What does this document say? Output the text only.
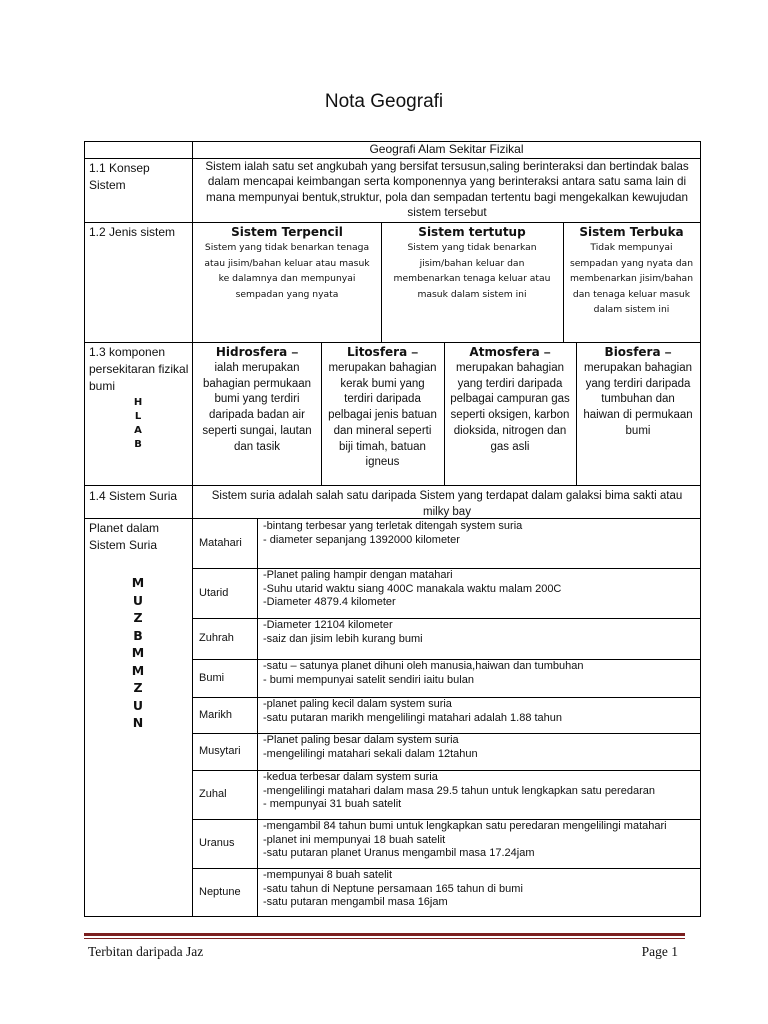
Nota Geografi
Geografi Alam Sekitar Fizikal
1.1 Konsep Sistem
Sistem ialah satu set angkubah yang bersifat tersusun,saling berinteraksi dan bertindak balas dalam mencapai keimbangan serta komponennya yang berinteraksi antara satu sama lain di mana mempunyai bentuk,struktur, pola dan sempadan tertentu bagi mengekalkan kewujudan sistem tersebut
1.2 Jenis sistem
1.3 komponen persekitaran fizikal bumi
1.4 Sistem Suria	Sistem suria adalah salah satu daripada Sistem yang terdapat dalam galaksi bima sakti atau milky bay
Planet dalam Sistem Suria
Terbitan daripada Jaz	Page 1
Sistem Terpencil
Sistem yang tidak benarkan tenaga atau jisim/bahan keluar atau masuk ke dalamnya dan mempunyai sempadan yang nyata
Sistem tertutup
Sistem yang tidak benarkan jisim/bahan keluar dan membenarkan tenaga keluar atau masuk dalam sistem ini
Sistem Terbuka
Tidak mempunyai sempadan yang nyata dan membenarkan jisim/bahan dan tenaga keluar masuk dalam sistem ini
Hidrosfera –
ialah merupakan bahagian permukaan bumi yang terdiri daripada badan air seperti sungai, lautan dan tasik
Litosfera –
merupakan bahagian kerak bumi yang terdiri daripada pelbagai jenis batuan dan mineral seperti biji timah, batuan igneus
Atmosfera –
merupakan bahagian yang terdiri daripada pelbagai campuran gas seperti oksigen, karbon dioksida, nitrogen dan gas asli
Biosfera –
merupakan bahagian yang terdiri daripada tumbuhan dan haiwan di permukaan bumi
H
L
A
B
M
U
Z
B
M
M
Z
U
N
Matahari
-bintang terbesar yang terletak ditengah system suria
- diameter sepanjang 1392000 kilometer
Utarid
-Planet paling hampir dengan matahari
-Suhu utarid waktu siang 400C manakala waktu malam 200C
-Diameter 4879.4 kilometer
Zuhrah
-Diameter 12104 kilometer
-saiz dan jisim lebih kurang bumi
Bumi
-satu – satunya planet dihuni oleh manusia,haiwan dan tumbuhan
- bumi mempunyai satelit sendiri iaitu bulan
Marikh
-planet paling kecil dalam system suria
-satu putaran marikh mengelilingi matahari adalah 1.88 tahun
Musytari
-Planet paling besar dalam system suria
-mengelilingi matahari sekali dalam 12tahun
Zuhal
-kedua terbesar dalam system suria
-mengelilingi matahari dalam masa 29.5 tahun untuk lengkapkan satu peredaran
- mempunyai 31 buah satelit
Uranus
-mengambil 84 tahun bumi untuk lengkapkan satu peredaran mengelilingi matahari
-planet ini mempunyai 18 buah satelit
-satu putaran planet Uranus mengambil masa 17.24jam
Neptune
-mempunyai 8 buah satelit
-satu tahun di Neptune persamaan 165 tahun di bumi
-satu putaran mengambil masa 16jam
